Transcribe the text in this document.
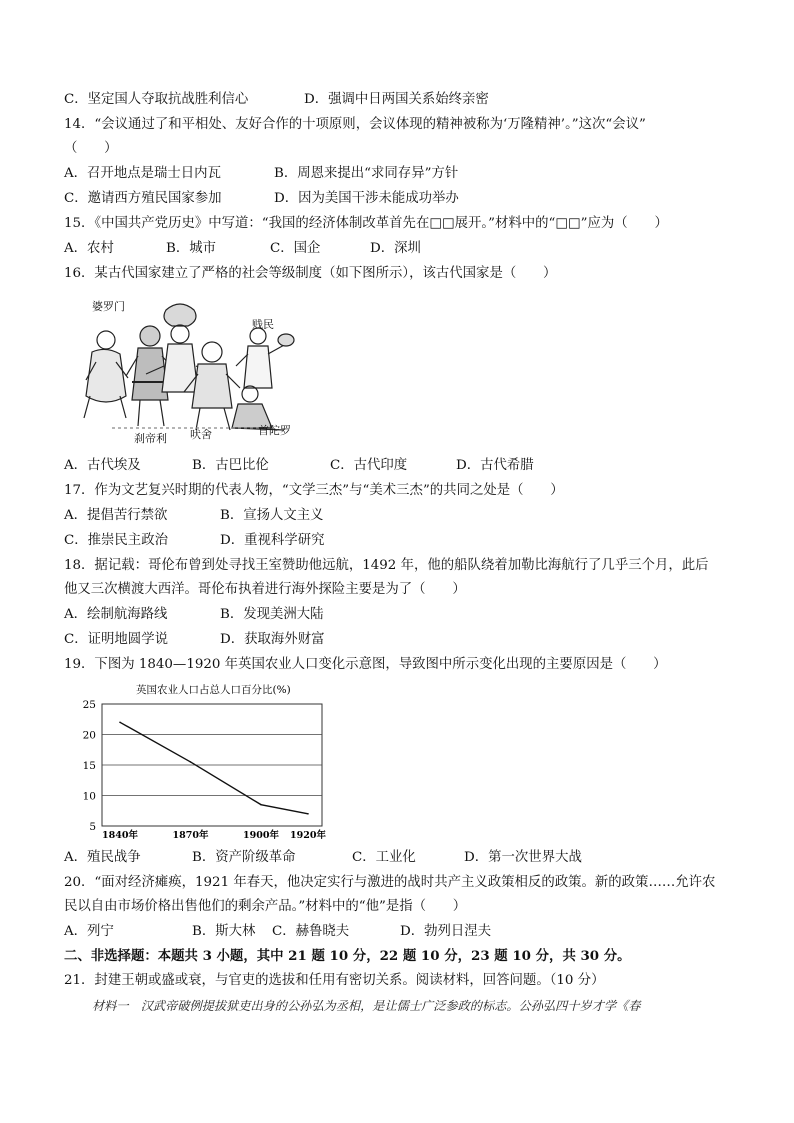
C．坚定国人夺取抗战胜利信心	D．强调中日两国关系始终亲密
14．“会议通过了和平相处、友好合作的十项原则，会议体现的精神被称为‘万隆精神’。”这次“会议”
（　　）
A．召开地点是瑞士日内瓦	B．周恩来提出“求同存异”方针
C．邀请西方殖民国家参加	D．因为美国干涉未能成功举办
15．《中国共产党历史》中写道：“我国的经济体制改革首先在□□展开。”材料中的“□□”应为（　　）
A．农村	B．城市	C．国企	D．深圳
16．某古代国家建立了严格的社会等级制度（如下图所示），该古代国家是（　　）
婆罗门
贱民
刹帝利 吠舍	首陀罗
A．古代埃及	B．古巴比伦	C．古代印度	D．古代希腊
17．作为文艺复兴时期的代表人物，“文学三杰”与“美术三杰”的共同之处是（　　）
A．提倡苦行禁欲	B．宣扬人文主义
C．推崇民主政治	D．重视科学研究
18．据记载：哥伦布曾到处寻找王室赞助他远航，1492 年，他的船队绕着加勒比海航行了几乎三个月，此后
他又三次横渡大西洋。哥伦布执着进行海外探险主要是为了（　　）
A．绘制航海路线	B．发现美洲大陆
C．证明地圆学说	D．获取海外财富
19．下图为 1840—1920 年英国农业人口变化示意图，导致图中所示变化出现的主要原因是（　　）
英国农业人口占总人口百分比(%)
25
20
15
10
5
1840年	1870年	1900年 1920年
A．殖民战争	B．资产阶级革命	C．工业化	D．第一次世界大战
20．“面对经济瘫痪，1921 年春天，他决定实行与激进的战时共产主义政策相反的政策。新的政策……允许农
民以自由市场价格出售他们的剩余产品。”材料中的“他”是指（　　）
A．列宁	B．斯大林 C．赫鲁晓夫	D．勃列日涅夫
二、非选择题：本题共 3 小题，其中 21 题 10 分，22 题 10 分，23 题 10 分，共 30 分。
21．封建王朝或盛或衰，与官吏的选拔和任用有密切关系。阅读材料，回答问题。（10 分）
材料一　汉武帝破例提拔狱吏出身的公孙弘为丞相，是让儒士广泛参政的标志。公孙弘四十岁才学《春
